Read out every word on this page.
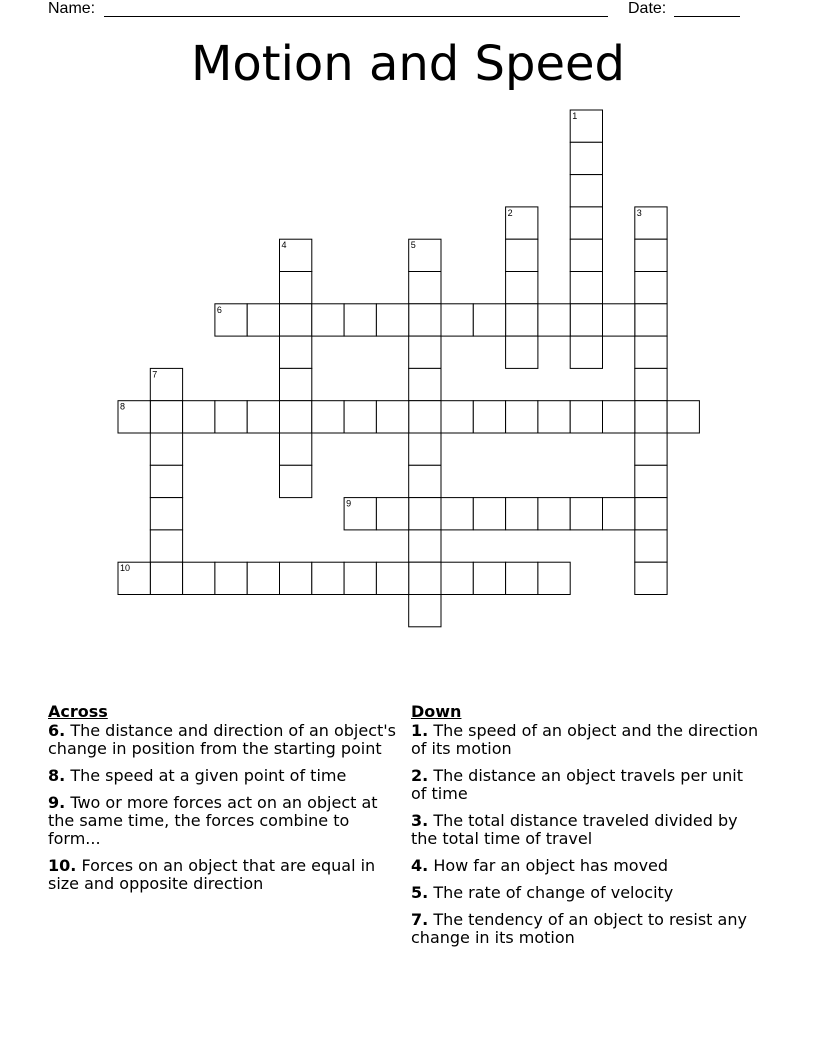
Name:	Date:
Motion and Speed
1
2	3
4	5
6
7
8
9
10
Across
6. The distance and direction of an object's change in position from the starting point
8. The speed at a given point of time
9. Two or more forces act on an object at the same time, the forces combine to form...
10. Forces on an object that are equal in size and opposite direction
Down
1. The speed of an object and the direction of its motion
2. The distance an object travels per unit of time
3. The total distance traveled divided by the total time of travel
4. How far an object has moved
5. The rate of change of velocity
7. The tendency of an object to resist any change in its motion
